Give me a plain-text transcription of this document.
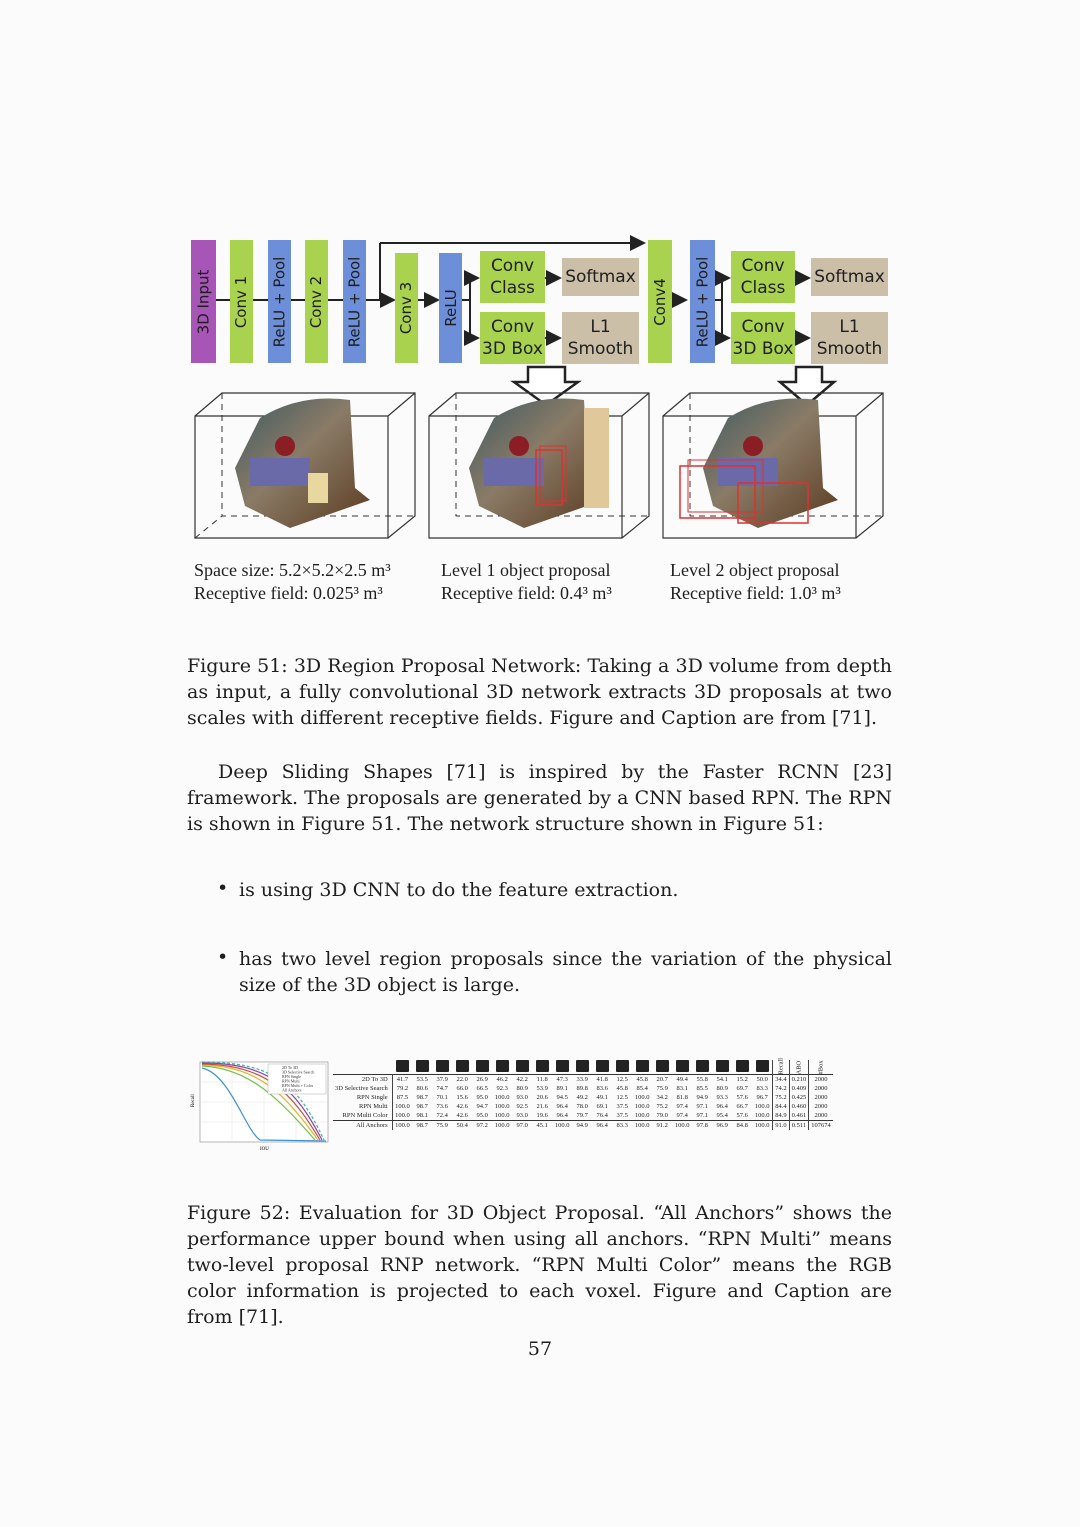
3D Input Conv 1 ReLU + Pool Conv 2 ReLU + Pool Conv 3 ReLU
Conv
Class
Conv
3D Box
Softmax
L1
Smooth
Conv4 ReLU + Pool Conv
Class
Conv
3D Box
Softmax
L1
Smooth
Space size: 5.2×5.2×2.5 m³
Receptive field: 0.025³ m³
Level 1 object proposal
Receptive field: 0.4³ m³
Level 2 object proposal
Receptive field: 1.0³ m³
Figure 51: 3D Region Proposal Network: Taking a 3D volume from depth as input, a fully convolutional 3D network extracts 3D proposals at two scales with different receptive fields. Figure and Caption are from [71].
Deep Sliding Shapes [71] is inspired by the Faster RCNN [23] framework. The proposals are generated by a CNN based RPN. The RPN is shown in Figure 51. The network structure shown in Figure 51:
• is using 3D CNN to do the feature extraction.
• has two level region proposals since the variation of the physical size of the 3D object is large.
2D To 3D
3D Selective Search
RPN Single
RPN Multi
RPN Multi + Color
All Anchors
Recall
IOU
																				Recall	ABO	#Box
2D To 3D	41.7	53.5	37.9	22.0	26.9	46.2	42.2	11.8	47.3	33.9	41.8	12.5	45.8	20.7	49.4	55.8	54.1	15.2	50.0	34.4	0.210	2000
3D Selective Search	79.2	80.6	74.7	66.0	66.5	92.3	80.9	53.9	89.1	89.8	83.6	45.8	85.4	75.9	83.1	85.5	80.9	69.7	83.3	74.2	0.409	2000
RPN Single	87.5	98.7	70.1	15.6	95.0	100.0	93.0	20.6	94.5	49.2	49.1	12.5	100.0	34.2	81.8	94.9	93.3	57.6	96.7	75.2	0.425	2000
RPN Multi	100.0	98.7	73.6	42.6	94.7	100.0	92.5	21.6	96.4	78.0	69.1	37.5	100.0	75.2	97.4	97.1	96.4	66.7	100.0	84.4	0.460	2000
RPN Multi Color	100.0	98.1	72.4	42.6	95.0	100.0	93.0	19.6	96.4	79.7	76.4	37.5	100.0	79.0	97.4	97.1	95.4	57.6	100.0	84.9	0.461	2000
All Anchors	100.0	98.7	75.9	50.4	97.2	100.0	97.0	45.1	100.0	94.9	96.4	83.3	100.0	91.2	100.0	97.8	96.9	84.8	100.0	91.0	0.511	107674
Figure 52: Evaluation for 3D Object Proposal. “All Anchors” shows the performance upper bound when using all anchors. “RPN Multi” means two-level proposal RNP network. “RPN Multi Color” means the RGB color information is projected to each voxel. Figure and Caption are from [71].
57
